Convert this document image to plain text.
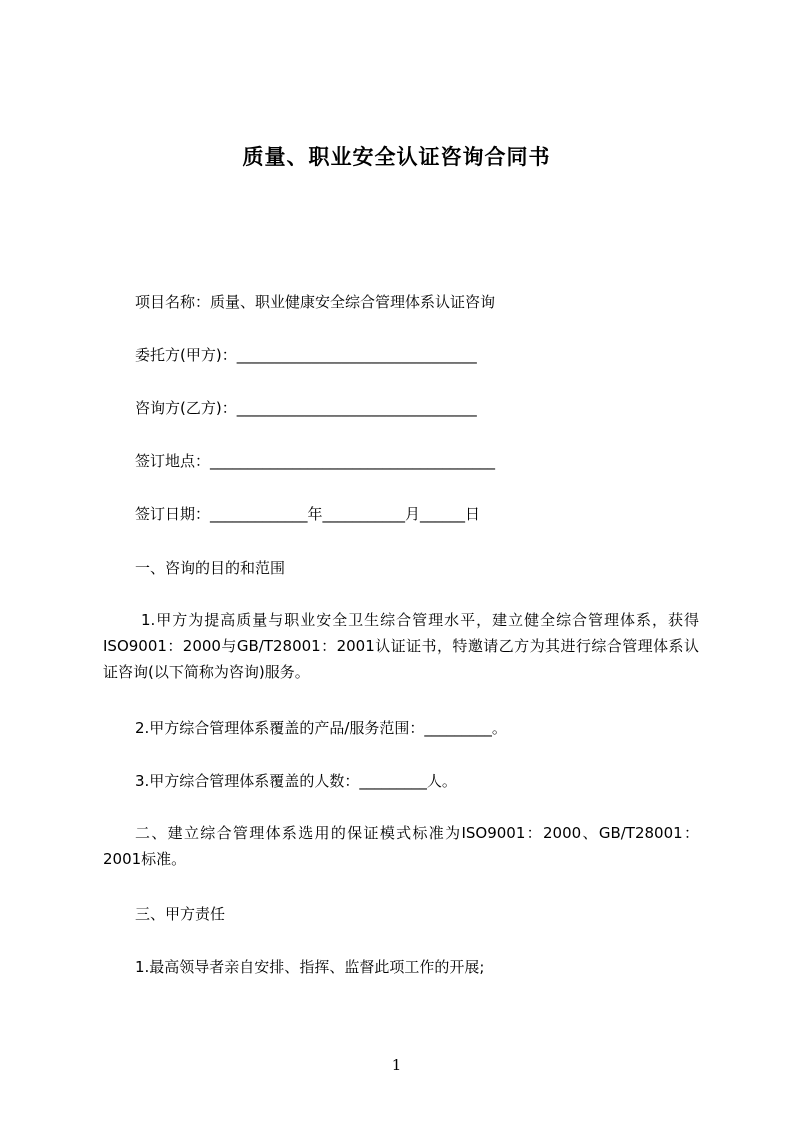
质量、职业安全认证咨询合同书
项目名称：质量、职业健康安全综合管理体系认证咨询
委托方(甲方)：________________________________
咨询方(乙方)：________________________________
签订地点：______________________________________
签订日期：_____________年___________月______日
一、咨询的目的和范围
1.甲方为提高质量与职业安全卫生综合管理水平，建立健全综合管理体系，获得ISO9001：2000与GB/T28001：2001认证证书，特邀请乙方为其进行综合管理体系认证咨询(以下简称为咨询)服务。
2.甲方综合管理体系覆盖的产品/服务范围：_________。
3.甲方综合管理体系覆盖的人数：_________人。
二、建立综合管理体系选用的保证模式标准为ISO9001：2000、GB/T28001：2001标准。
三、甲方责任
1.最高领导者亲自安排、指挥、监督此项工作的开展;
1
